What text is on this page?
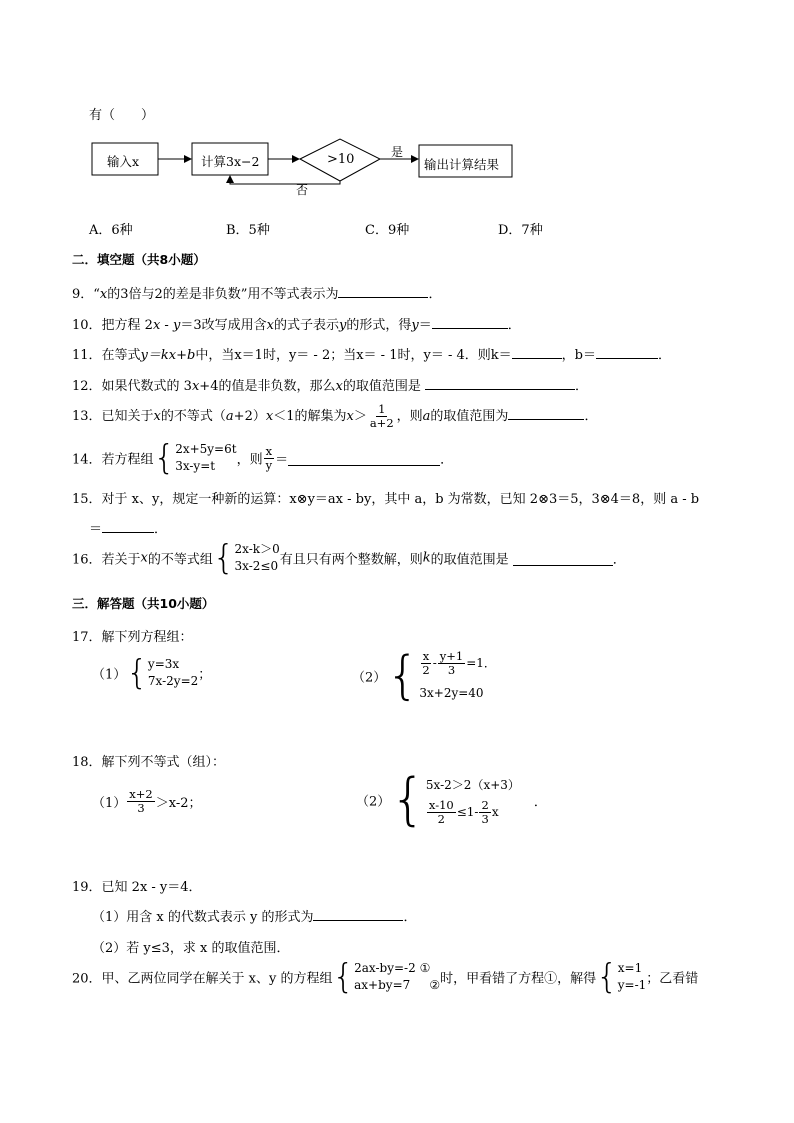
有（　　）
输入x	计算3x−2	>10	是
否
输出计算结果
A．6种	B．5种	C．9种	D．7种
二．填空题（共8小题）
9．“x的3倍与2的差是非负数”用不等式表示为	．
10．把方程 2x - y＝3改写成用含x的式子表示y的形式，得y＝	．
11．在等式y＝kx+b中，当x＝1时，y＝ - 2；当x＝ - 1时，y＝ - 4．则k＝	，b＝	．
12．如果代数式的 3x+4的值是非负数，那么x的取值范围是	．
13．已知关于x的不等式（a+2）x＜1的解集为$x> \frac{1}{a+2}$ ，则a的取值范围为	．
14．若方程组 { 2x+5y=6t
3x-y=t	，则 $\frac{x}{y}$ ＝	．
15．对于 x、y，规定一种新的运算：x⊗y＝ax - by，其中 a，b 为常数，已知 2⊗3＝5，3⊗4＝8，则 a - b
＝	．
16．若关于x的不等式组 { 2x-k＞0
3x-2≤0 有且只有两个整数解，则k的取值范围是	．
三．解答题（共10小题）
17．解下列方程组：
（1） { y=3x
7x-2y=2 ；	（2） { $\frac{x}{2} - \frac{y+1}{3} =1$．
3x+2y=40
18．解下列不等式（组）：
$(1) \frac{x+2}{3} >x-2$；	（2） { 5x-2＞2（x+3）
$\frac{x-10}{2} \le 1- \frac{2}{3}$ x
．
19．已知 2x - y＝4．
（1）用含 x 的代数式表示 y 的形式为	．
（2）若 y≤3，求 x 的取值范围．
20．甲、乙两位同学在解关于 x、y 的方程组 { 2ax-by=-2 ①
ax+by=7 ② 时，甲看错了方程①，解得 { x=1
y=-1 ；乙看错
